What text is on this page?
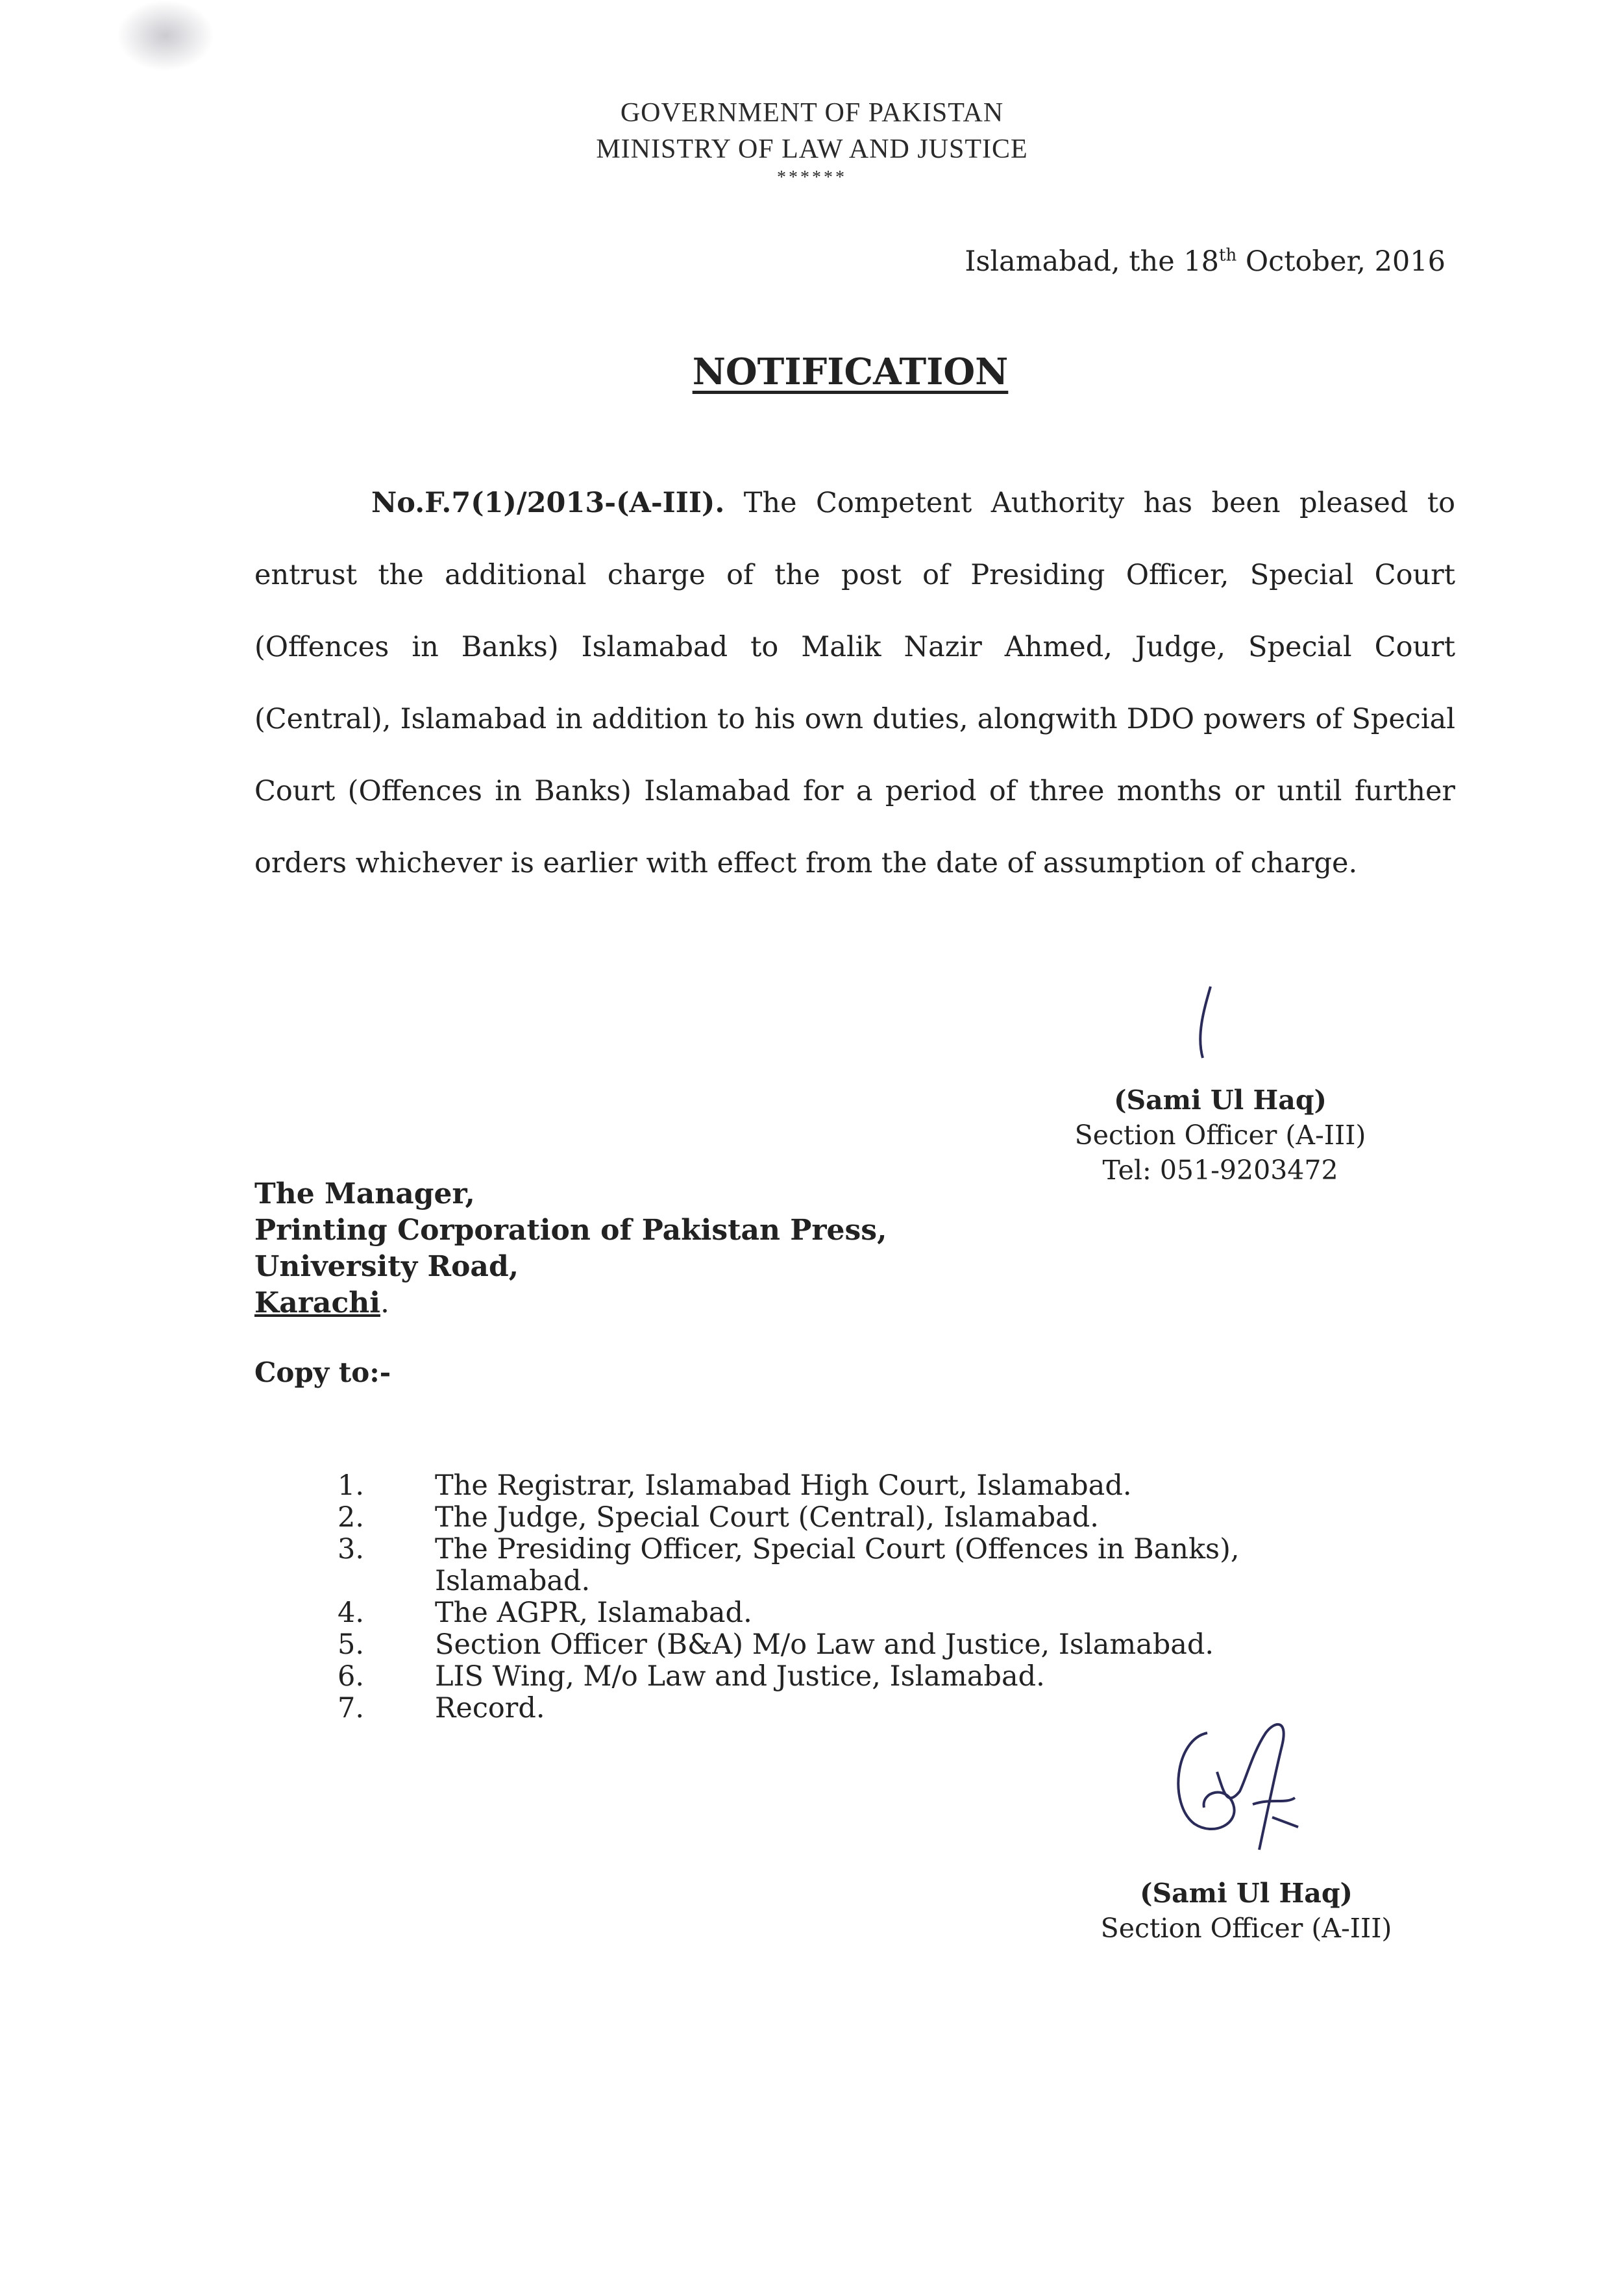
GOVERNMENT OF PAKISTAN
MINISTRY OF LAW AND JUSTICE
******
Islamabad, the 18th October, 2016
NOTIFICATION
No.F.7(1)/2013-(A-III). The Competent Authority has been pleased to entrust the additional charge of the post of Presiding Officer, Special Court (Offences in Banks) Islamabad to Malik Nazir Ahmed, Judge, Special Court (Central), Islamabad in addition to his own duties, alongwith DDO powers of Special Court (Offences in Banks) Islamabad for a period of three months or until further orders whichever is earlier with effect from the date of assumption of charge.
(Sami Ul Haq)
Section Officer (A-III)
Tel: 051-9203472
The Manager,
Printing Corporation of Pakistan Press,
University Road,
Karachi.
Copy to:-
1.	The Registrar, Islamabad High Court, Islamabad.
2.	The Judge, Special Court (Central), Islamabad.
3.	The Presiding Officer, Special Court (Offences in Banks), Islamabad.
4.	The AGPR, Islamabad.
5.	Section Officer (B&A) M/o Law and Justice, Islamabad.
6.	LIS Wing, M/o Law and Justice, Islamabad.
7.	Record.
(Sami Ul Haq)
Section Officer (A-III)
